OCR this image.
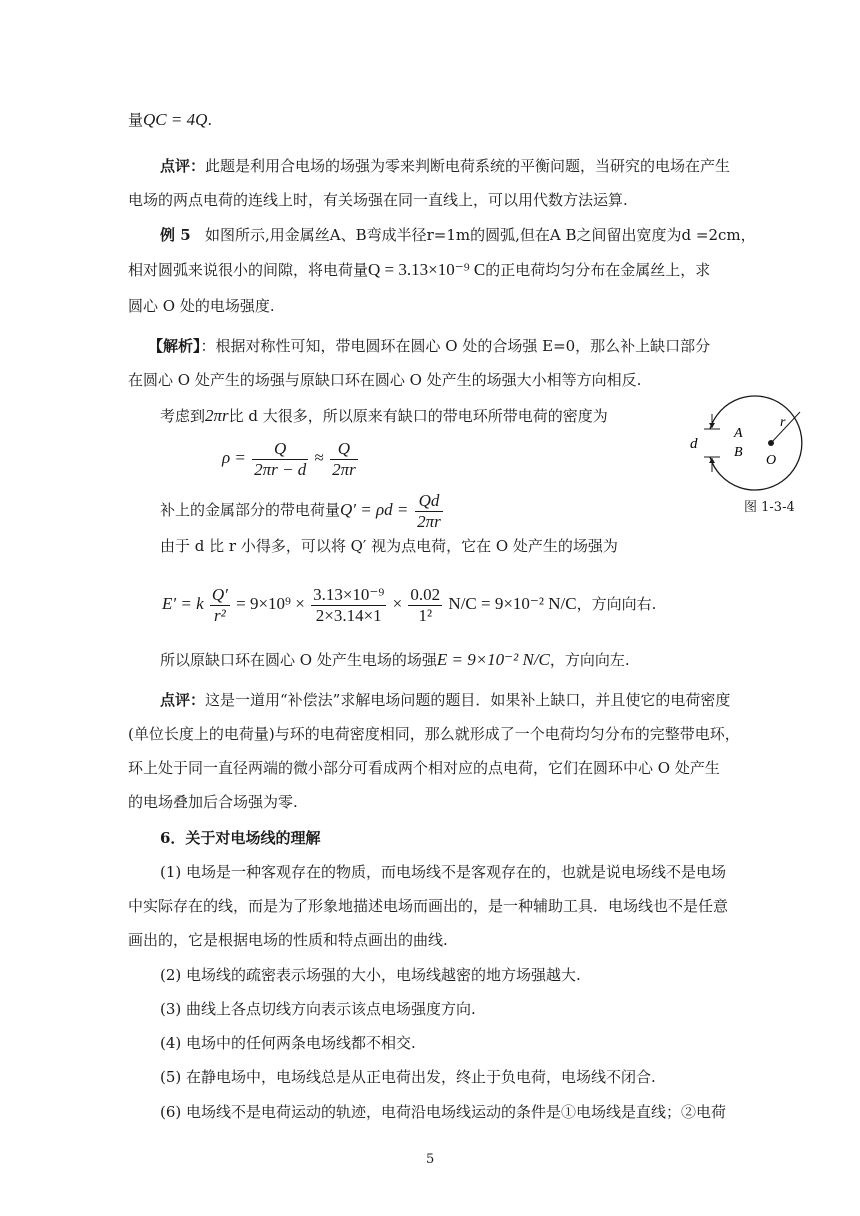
量QC = 4Q.
点评：此题是利用合电场的场强为零来判断电荷系统的平衡问题，当研究的电场在产生
电场的两点电荷的连线上时，有关场强在同一直线上，可以用代数方法运算.
例 5 如图所示,用金属丝A、B弯成半径r=1m的圆弧,但在A B之间留出宽度为d =2cm，
相对圆弧来说很小的间隙，将电荷量Q = 3.13×10⁻⁹ C的正电荷均匀分布在金属丝上，求
圆心 O 处的电场强度.
【解析】：根据对称性可知，带电圆环在圆心 O 处的合场强 E=0，那么补上缺口部分
在圆心 O 处产生的场强与原缺口环在圆心 O 处产生的场强大小相等方向相反.
考虑到2πr比 d 大很多，所以原来有缺口的带电环所带电荷的密度为
$\rho = \frac{Q}{2\pi r - d} \approx \frac{Q}{2\pi r}$
补上的金属部分的带电荷量$Q' = \rho d = \frac{Qd}{2\pi r}$
由于 d 比 r 小得多，可以将 Q′ 视为点电荷，它在 O 处产生的场强为
E′ = k $\frac{Q'}{\text{r²}} = 9\times 10^9 \times \frac{\text{3.13×10⁻⁹}}{2\times 3.14\times 1} \times \frac{0.02}{\text{1²}} N/C = 9\times 10^{-2}$ N/C，方向向右.
所以原缺口环在圆心 O 处产生电场的场强E = 9×10⁻² N/C，方向向左.
点评：这是一道用“补偿法”求解电场问题的题目．如果补上缺口，并且使它的电荷密度
(单位长度上的电荷量)与环的电荷密度相同，那么就形成了一个电荷均匀分布的完整带电环，
环上处于同一直径两端的微小部分可看成两个相对应的点电荷，它们在圆环中心 O 处产生
的电场叠加后合场强为零.
6．关于对电场线的理解
(1) 电场是一种客观存在的物质，而电场线不是客观存在的，也就是说电场线不是电场
中实际存在的线，而是为了形象地描述电场而画出的，是一种辅助工具．电场线也不是任意
画出的，它是根据电场的性质和特点画出的曲线.
(2) 电场线的疏密表示场强的大小，电场线越密的地方场强越大.
(3) 曲线上各点切线方向表示该点电场强度方向.
(4) 电场中的任何两条电场线都不相交.
(5) 在静电场中，电场线总是从正电荷出发，终止于负电荷，电场线不闭合.
(6) 电场线不是电荷运动的轨迹，电荷沿电场线运动的条件是①电场线是直线；②电荷
5
d
A
B
r
O
图 1-3-4
